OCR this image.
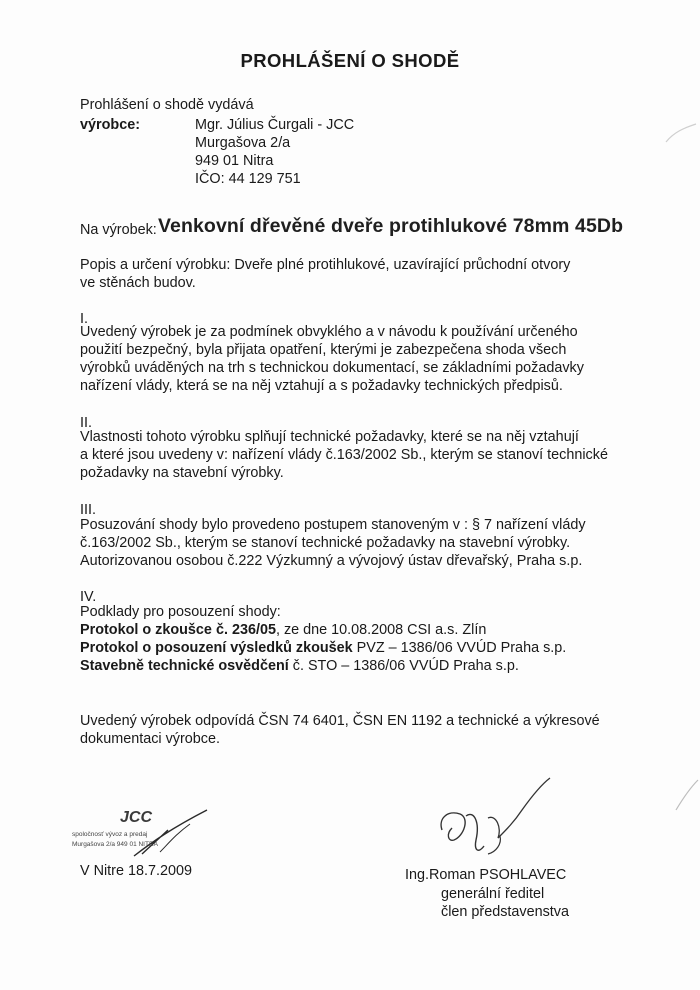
PROHLÁŠENÍ O SHODĚ
Prohlášení o shodě vydává
výrobce:	Mgr. Július Čurgali - JCC
Murgašova 2/a
949 01 Nitra
IČO: 44 129 751
Na výrobek: Venkovní dřevěné dveře protihlukové 78mm 45Db
Popis a určení výrobku: Dveře plné protihlukové, uzavírající průchodní otvory
ve stěnách budov.
I.
Uvedený výrobek je za podmínek obvyklého a v návodu k používání určeného
použití bezpečný, byla přijata opatření, kterými je zabezpečena shoda všech
výrobků uváděných na trh s technickou dokumentací, se základními požadavky
nařízení vlády, která se na něj vztahují a s požadavky technických předpisů.
II.
Vlastnosti tohoto výrobku splňují technické požadavky, které se na něj vztahují
a které jsou uvedeny v: nařízení vlády č.163/2002 Sb., kterým se stanoví technické
požadavky na stavební výrobky.
III.
Posuzování shody bylo provedeno postupem stanoveným v : § 7 nařízení vlády
č.163/2002 Sb., kterým se stanoví technické požadavky na stavební výrobky.
Autorizovanou osobou č.222 Výzkumný a vývojový ústav dřevařský, Praha s.p.
IV.
Podklady pro posouzení shody:
Protokol o zkoušce č. 236/05, ze dne 10.08.2008 CSI a.s. Zlín
Protokol o posouzení výsledků zkoušek PVZ – 1386/06 VVÚD Praha s.p.
Stavebně technické osvědčení č. STO – 1386/06 VVÚD Praha s.p.
Uvedený výrobek odpovídá ČSN 74 6401, ČSN EN 1192 a technické a výkresové
dokumentaci výrobce.
JCC
spoločnosť vývoz a predaj
Murgašova 2/a 949 01 NITRA
V Nitre 18.7.2009	Ing.Roman PSOHLAVEC
generální ředitel
člen představenstva
